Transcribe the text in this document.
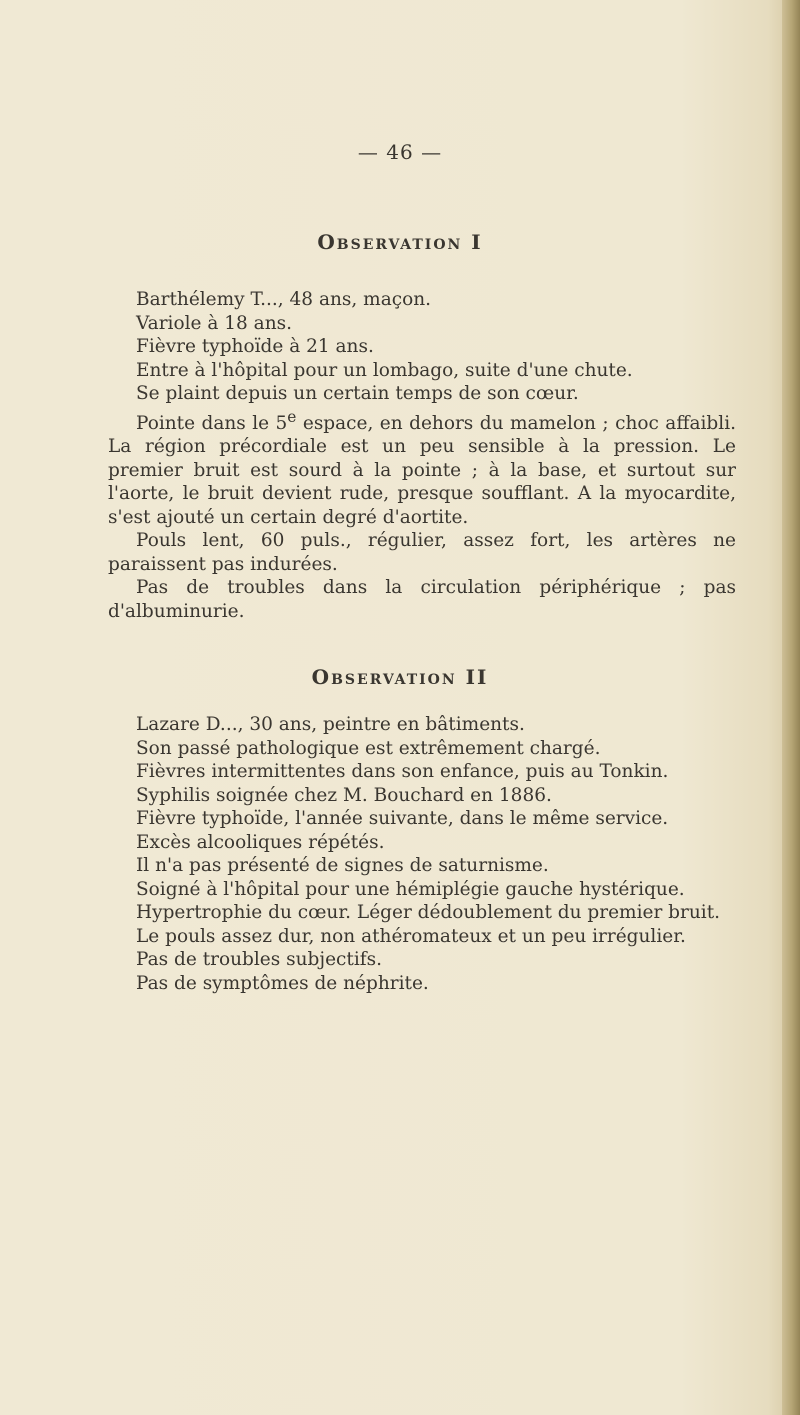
— 46 —

Observation I

Barthélemy T..., 48 ans, maçon.

Variole à 18 ans.

Fièvre typhoïde à 21 ans.

Entre à l'hôpital pour un lombago, suite d'une chute.

Se plaint depuis un certain temps de son cœur.

Pointe dans le 5e espace, en dehors du mamelon ; choc affaibli. La région précordiale est un peu sensible à la pression. Le premier bruit est sourd à la pointe ; à la base, et surtout sur l'aorte, le bruit devient rude, presque soufflant. A la myocardite, s'est ajouté un certain degré d'aortite.

Pouls lent, 60 puls., régulier, assez fort, les artères ne paraissent pas indurées.

Pas de troubles dans la circulation périphérique ; pas d'albuminurie.

Observation II

Lazare D..., 30 ans, peintre en bâtiments.

Son passé pathologique est extrêmement chargé.

Fièvres intermittentes dans son enfance, puis au Tonkin.

Syphilis soignée chez M. Bouchard en 1886.

Fièvre typhoïde, l'année suivante, dans le même service.

Excès alcooliques répétés.

Il n'a pas présenté de signes de saturnisme.

Soigné à l'hôpital pour une hémiplégie gauche hystérique.

Hypertrophie du cœur. Léger dédoublement du premier bruit.

Le pouls assez dur, non athéromateux et un peu irrégulier.

Pas de troubles subjectifs.

Pas de symptômes de néphrite.
